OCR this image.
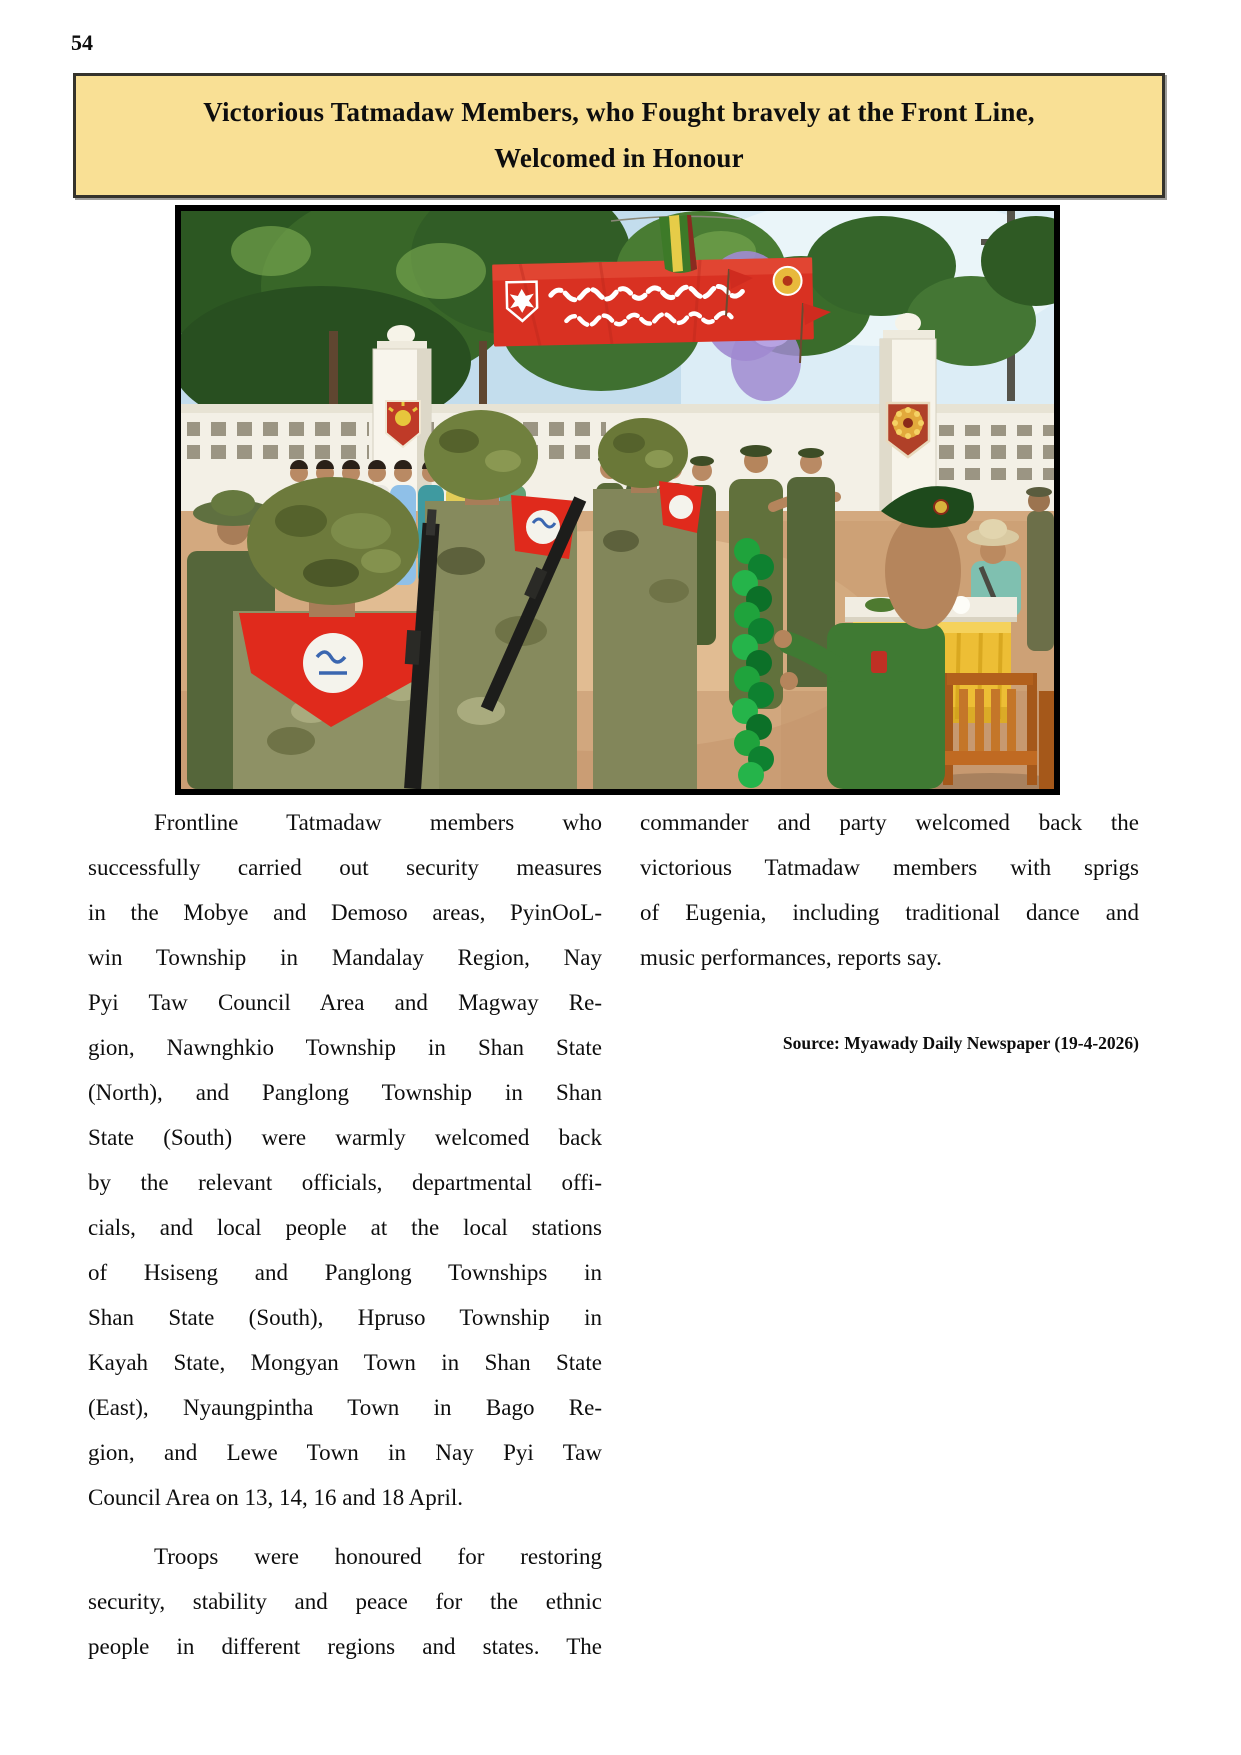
54
Victorious Tatmadaw Members, who Fought bravely at the Front Line,
Welcomed in Honour
Frontline Tatmadaw members who
successfully carried out security measures
in the Mobye and Demoso areas, PyinOoL-
win Township in Mandalay Region, Nay
Pyi Taw Council Area and Magway Re-
gion, Nawnghkio Township in Shan State
(North), and Panglong Township in Shan
State (South) were warmly welcomed back
by the relevant officials, departmental offi-
cials, and local people at the local stations
of Hsiseng and Panglong Townships in
Shan State (South), Hpruso Township in
Kayah State, Mongyan Town in Shan State
(East), Nyaungpintha Town in Bago Re-
gion, and Lewe Town in Nay Pyi Taw
Council Area on 13, 14, 16 and 18 April.
Troops were honoured for restoring
security, stability and peace for the ethnic
people in different regions and states. The
commander and party welcomed back the
victorious Tatmadaw members with sprigs
of Eugenia, including traditional dance and
music performances, reports say.
Source: Myawady Daily Newspaper (19-4-2026)
